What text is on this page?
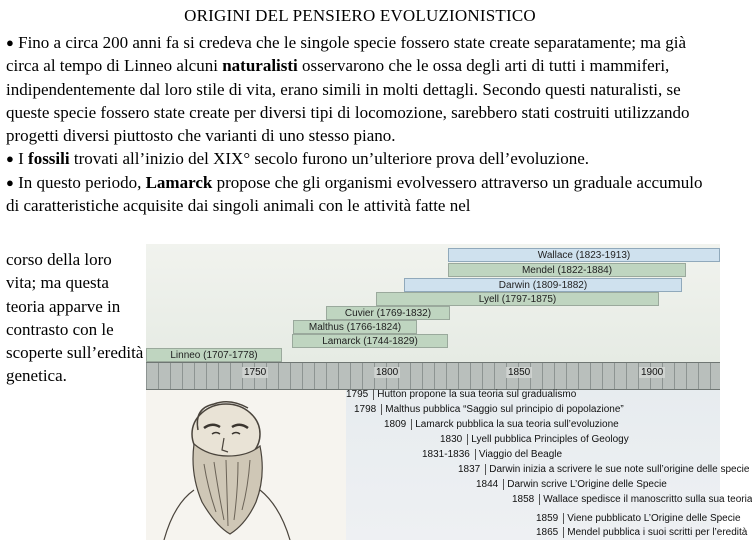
ORIGINI DEL PENSIERO EVOLUZIONISTICO
● Fino a circa 200 anni fa si credeva che le singole specie fossero state create separatamente; ma già circa al tempo di Linneo alcuni naturalisti osservarono che le ossa degli arti di tutti i mammiferi, indipendentemente dal loro stile di vita, erano simili in molti dettagli. Secondo questi naturalisti, se queste specie fossero state create per diversi tipi di locomozione, sarebbero stati costruiti utilizzando progetti diversi piuttosto che varianti di uno stesso piano.
● I fossili trovati all’inizio del XIX° secolo furono un’ulteriore prova dell’evoluzione.
● In questo periodo, Lamarck propose che gli organismi evolvessero attraverso un graduale accumulo di caratteristiche acquisite dai singoli animali con le attività fatte nel
corso della loro vita; ma questa teoria apparve in contrasto con le scoperte sull’eredità genetica.
Wallace (1823-1913)
Mendel (1822-1884)
Darwin (1809-1882)
Lyell (1797-1875)
Cuvier (1769-1832)
Malthus (1766-1824)
Lamarck (1744-1829)
Linneo (1707-1778)
1750	1800	1850	1900
1795 Hutton propone la sua teoria sul gradualismo
1798 Malthus pubblica “Saggio sul principio di popolazione”
1809 Lamarck pubblica la sua teoria sull’evoluzione
1830 Lyell pubblica Principles of Geology
1831-1836 Viaggio del Beagle
1837 Darwin inizia a scrivere le sue note sull’origine delle specie
1844 Darwin scrive L’Origine delle Specie
1858 Wallace spedisce il manoscritto sulla sua teoria
1859 Viene pubblicato L’Origine delle Specie
1865 Mendel pubblica i suoi scritti per l’eredità
